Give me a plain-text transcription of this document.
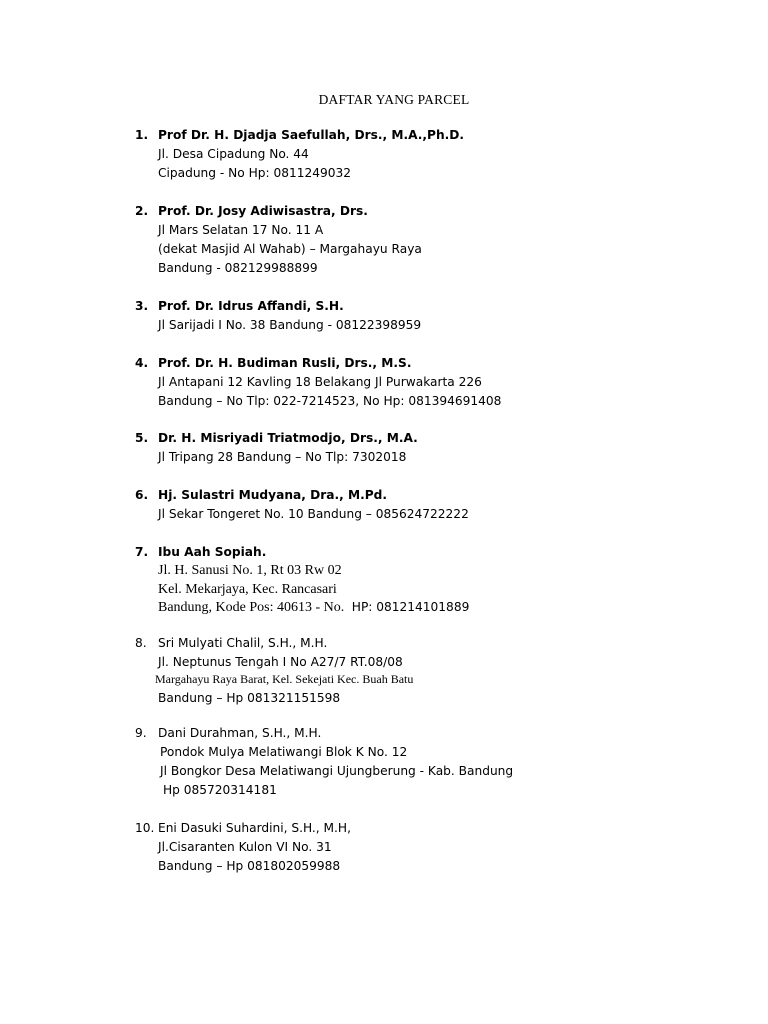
DAFTAR YANG PARCEL
1. Prof Dr. H. Djadja Saefullah, Drs., M.A.,Ph.D.
Jl. Desa Cipadung No. 44
Cipadung - No Hp: 0811249032
2. Prof. Dr. Josy Adiwisastra, Drs.
Jl Mars Selatan 17 No. 11 A
(dekat Masjid Al Wahab) – Margahayu Raya
Bandung - 082129988899
3. Prof. Dr. Idrus Affandi, S.H.
Jl Sarijadi I No. 38 Bandung - 08122398959
4. Prof. Dr. H. Budiman Rusli, Drs., M.S.
Jl Antapani 12 Kavling 18 Belakang Jl Purwakarta 226
Bandung – No Tlp: 022-7214523, No Hp: 081394691408
5. Dr. H. Misriyadi Triatmodjo, Drs., M.A.
Jl Tripang 28 Bandung – No Tlp: 7302018
6. Hj. Sulastri Mudyana, Dra., M.Pd.
Jl Sekar Tongeret No. 10 Bandung – 085624722222
7. Ibu Aah Sopiah.
Jl. H. Sanusi No. 1, Rt 03 Rw 02
Kel. Mekarjaya, Kec. Rancasari
Bandung, Kode Pos: 40613 - No. HP: 081214101889
8. Sri Mulyati Chalil, S.H., M.H.
Jl. Neptunus Tengah I No A27/7 RT.08/08
Margahayu Raya Barat, Kel. Sekejati Kec. Buah Batu
Bandung – Hp 081321151598
9. Dani Durahman, S.H., M.H.
Pondok Mulya Melatiwangi Blok K No. 12
Jl Bongkor Desa Melatiwangi Ujungberung - Kab. Bandung
Hp 085720314181
10. Eni Dasuki Suhardini, S.H., M.H,
Jl.Cisaranten Kulon VI No. 31
Bandung – Hp 081802059988
